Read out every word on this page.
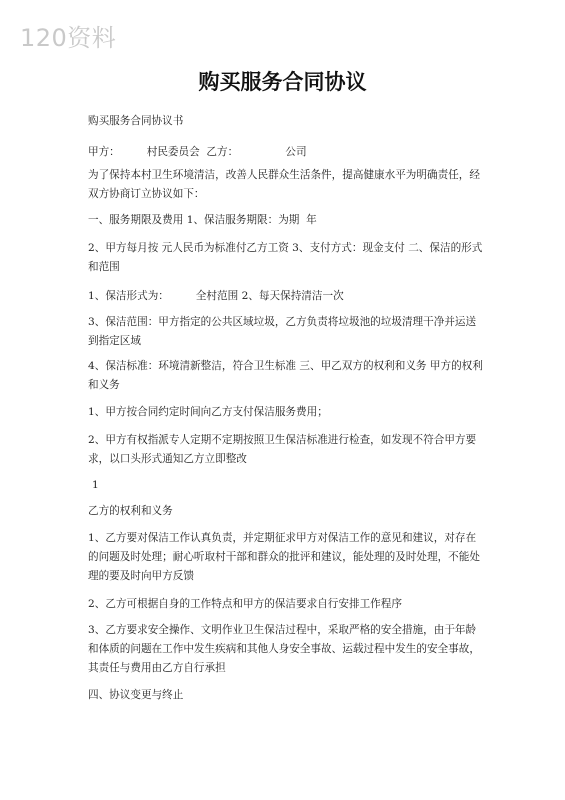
120资料
购买服务合同协议

购买服务合同协议书

甲方：        村民委员会  乙方：              公司

为了保持本村卫生环境清洁，改善人民群众生活条件，提高健康水平为明确责任，经双方协商订立协议如下：

一、服务期限及费用 1、保洁服务期限：为期  年

2、甲方每月按 元人民币为标准付乙方工资 3、支付方式：现金支付 二、保洁的形式和范围

1、保洁形式为：        全村范围 2、每天保持清洁一次

3、保洁范围：甲方指定的公共区域垃圾，乙方负责将垃圾池的垃圾清理干净并运送到指定区域

4、保洁标准：环境清新整洁，符合卫生标准 三、甲乙双方的权利和义务 甲方的权利和义务

1、甲方按合同约定时间向乙方支付保洁服务费用；

2、甲方有权指派专人定期不定期按照卫生保洁标准进行检查，如发现不符合甲方要求，以口头形式通知乙方立即整改

1

乙方的权利和义务

1、乙方要对保洁工作认真负责，并定期征求甲方对保洁工作的意见和建议，对存在的问题及时处理；耐心听取村干部和群众的批评和建议，能处理的及时处理，不能处理的要及时向甲方反馈

2、乙方可根据自身的工作特点和甲方的保洁要求自行安排工作程序

3、乙方要求安全操作、文明作业卫生保洁过程中，采取严格的安全措施，由于年龄和体质的问题在工作中发生疾病和其他人身安全事故、运载过程中发生的安全事故，其责任与费用由乙方自行承担

四、协议变更与终止
